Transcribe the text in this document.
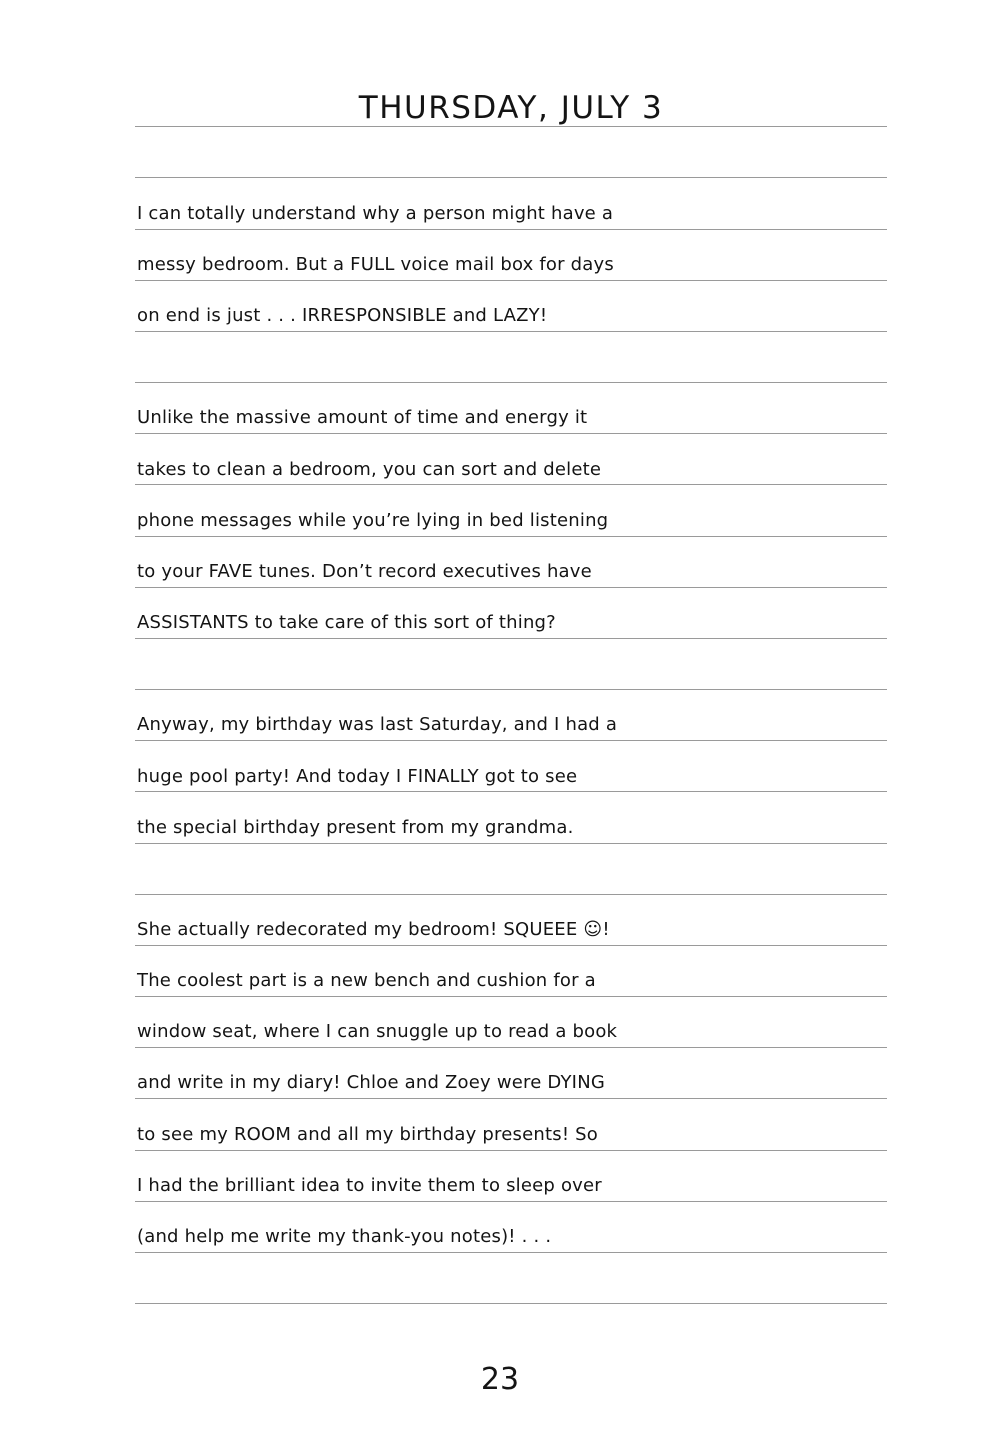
THURSDAY, JULY 3
I can totally understand why a person might have a
messy bedroom. But a FULL voice mail box for days
on end is just . . . IRRESPONSIBLE and LAZY!
Unlike the massive amount of time and energy it
takes to clean a bedroom, you can sort and delete
phone messages while you’re lying in bed listening
to your FAVE tunes. Don’t record executives have
ASSISTANTS to take care of this sort of thing?
Anyway, my birthday was last Saturday, and I had a
huge pool party! And today I FINALLY got to see
the special birthday present from my grandma.
She actually redecorated my bedroom! SQUEEE ☺!
The coolest part is a new bench and cushion for a
window seat, where I can snuggle up to read a book
and write in my diary! Chloe and Zoey were DYING
to see my ROOM and all my birthday presents! So
I had the brilliant idea to invite them to sleep over
(and help me write my thank-you notes)! . . .
23
